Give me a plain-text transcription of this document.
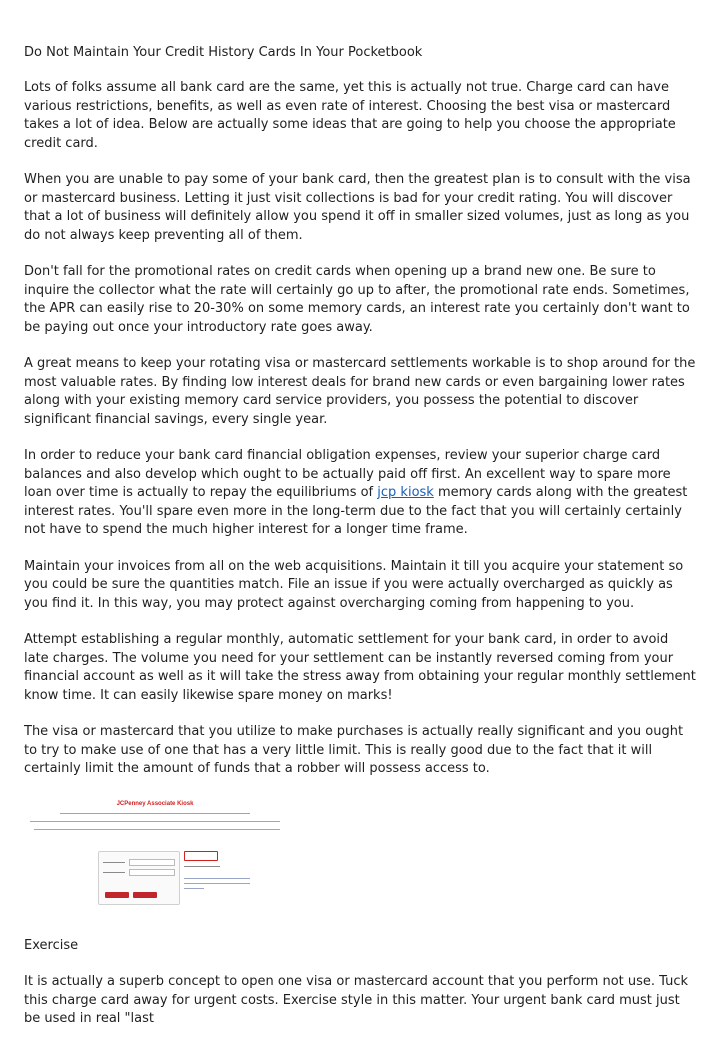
Do Not Maintain Your Credit History Cards In Your Pocketbook

Lots of folks assume all bank card are the same, yet this is actually not true. Charge card can have various restrictions, benefits, as well as even rate of interest. Choosing the best visa or mastercard takes a lot of idea. Below are actually some ideas that are going to help you choose the appropriate credit card.

When you are unable to pay some of your bank card, then the greatest plan is to consult with the visa or mastercard business. Letting it just visit collections is bad for your credit rating. You will discover that a lot of business will definitely allow you spend it off in smaller sized volumes, just as long as you do not always keep preventing all of them.

Don't fall for the promotional rates on credit cards when opening up a brand new one. Be sure to inquire the collector what the rate will certainly go up to after, the promotional rate ends. Sometimes, the APR can easily rise to 20-30% on some memory cards, an interest rate you certainly don't want to be paying out once your introductory rate goes away.

A great means to keep your rotating visa or mastercard settlements workable is to shop around for the most valuable rates. By finding low interest deals for brand new cards or even bargaining lower rates along with your existing memory card service providers, you possess the potential to discover significant financial savings, every single year.

In order to reduce your bank card financial obligation expenses, review your superior charge card balances and also develop which ought to be actually paid off first. An excellent way to spare more loan over time is actually to repay the equilibriums of jcp kiosk memory cards along with the greatest interest rates. You'll spare even more in the long-term due to the fact that you will certainly certainly not have to spend the much higher interest for a longer time frame.

Maintain your invoices from all on the web acquisitions. Maintain it till you acquire your statement so you could be sure the quantities match. File an issue if you were actually overcharged as quickly as you find it. In this way, you may protect against overcharging coming from happening to you.

Attempt establishing a regular monthly, automatic settlement for your bank card, in order to avoid late charges. The volume you need for your settlement can be instantly reversed coming from your financial account as well as it will take the stress away from obtaining your regular monthly settlement know time. It can easily likewise spare money on marks!

The visa or mastercard that you utilize to make purchases is actually really significant and you ought to try to make use of one that has a very little limit. This is really good due to the fact that it will certainly limit the amount of funds that a robber will possess access to.

JCPenney Associate Kiosk

Exercise

It is actually a superb concept to open one visa or mastercard account that you perform not use. Tuck this charge card away for urgent costs. Exercise style in this matter. Your urgent bank card must just be used in real "last
